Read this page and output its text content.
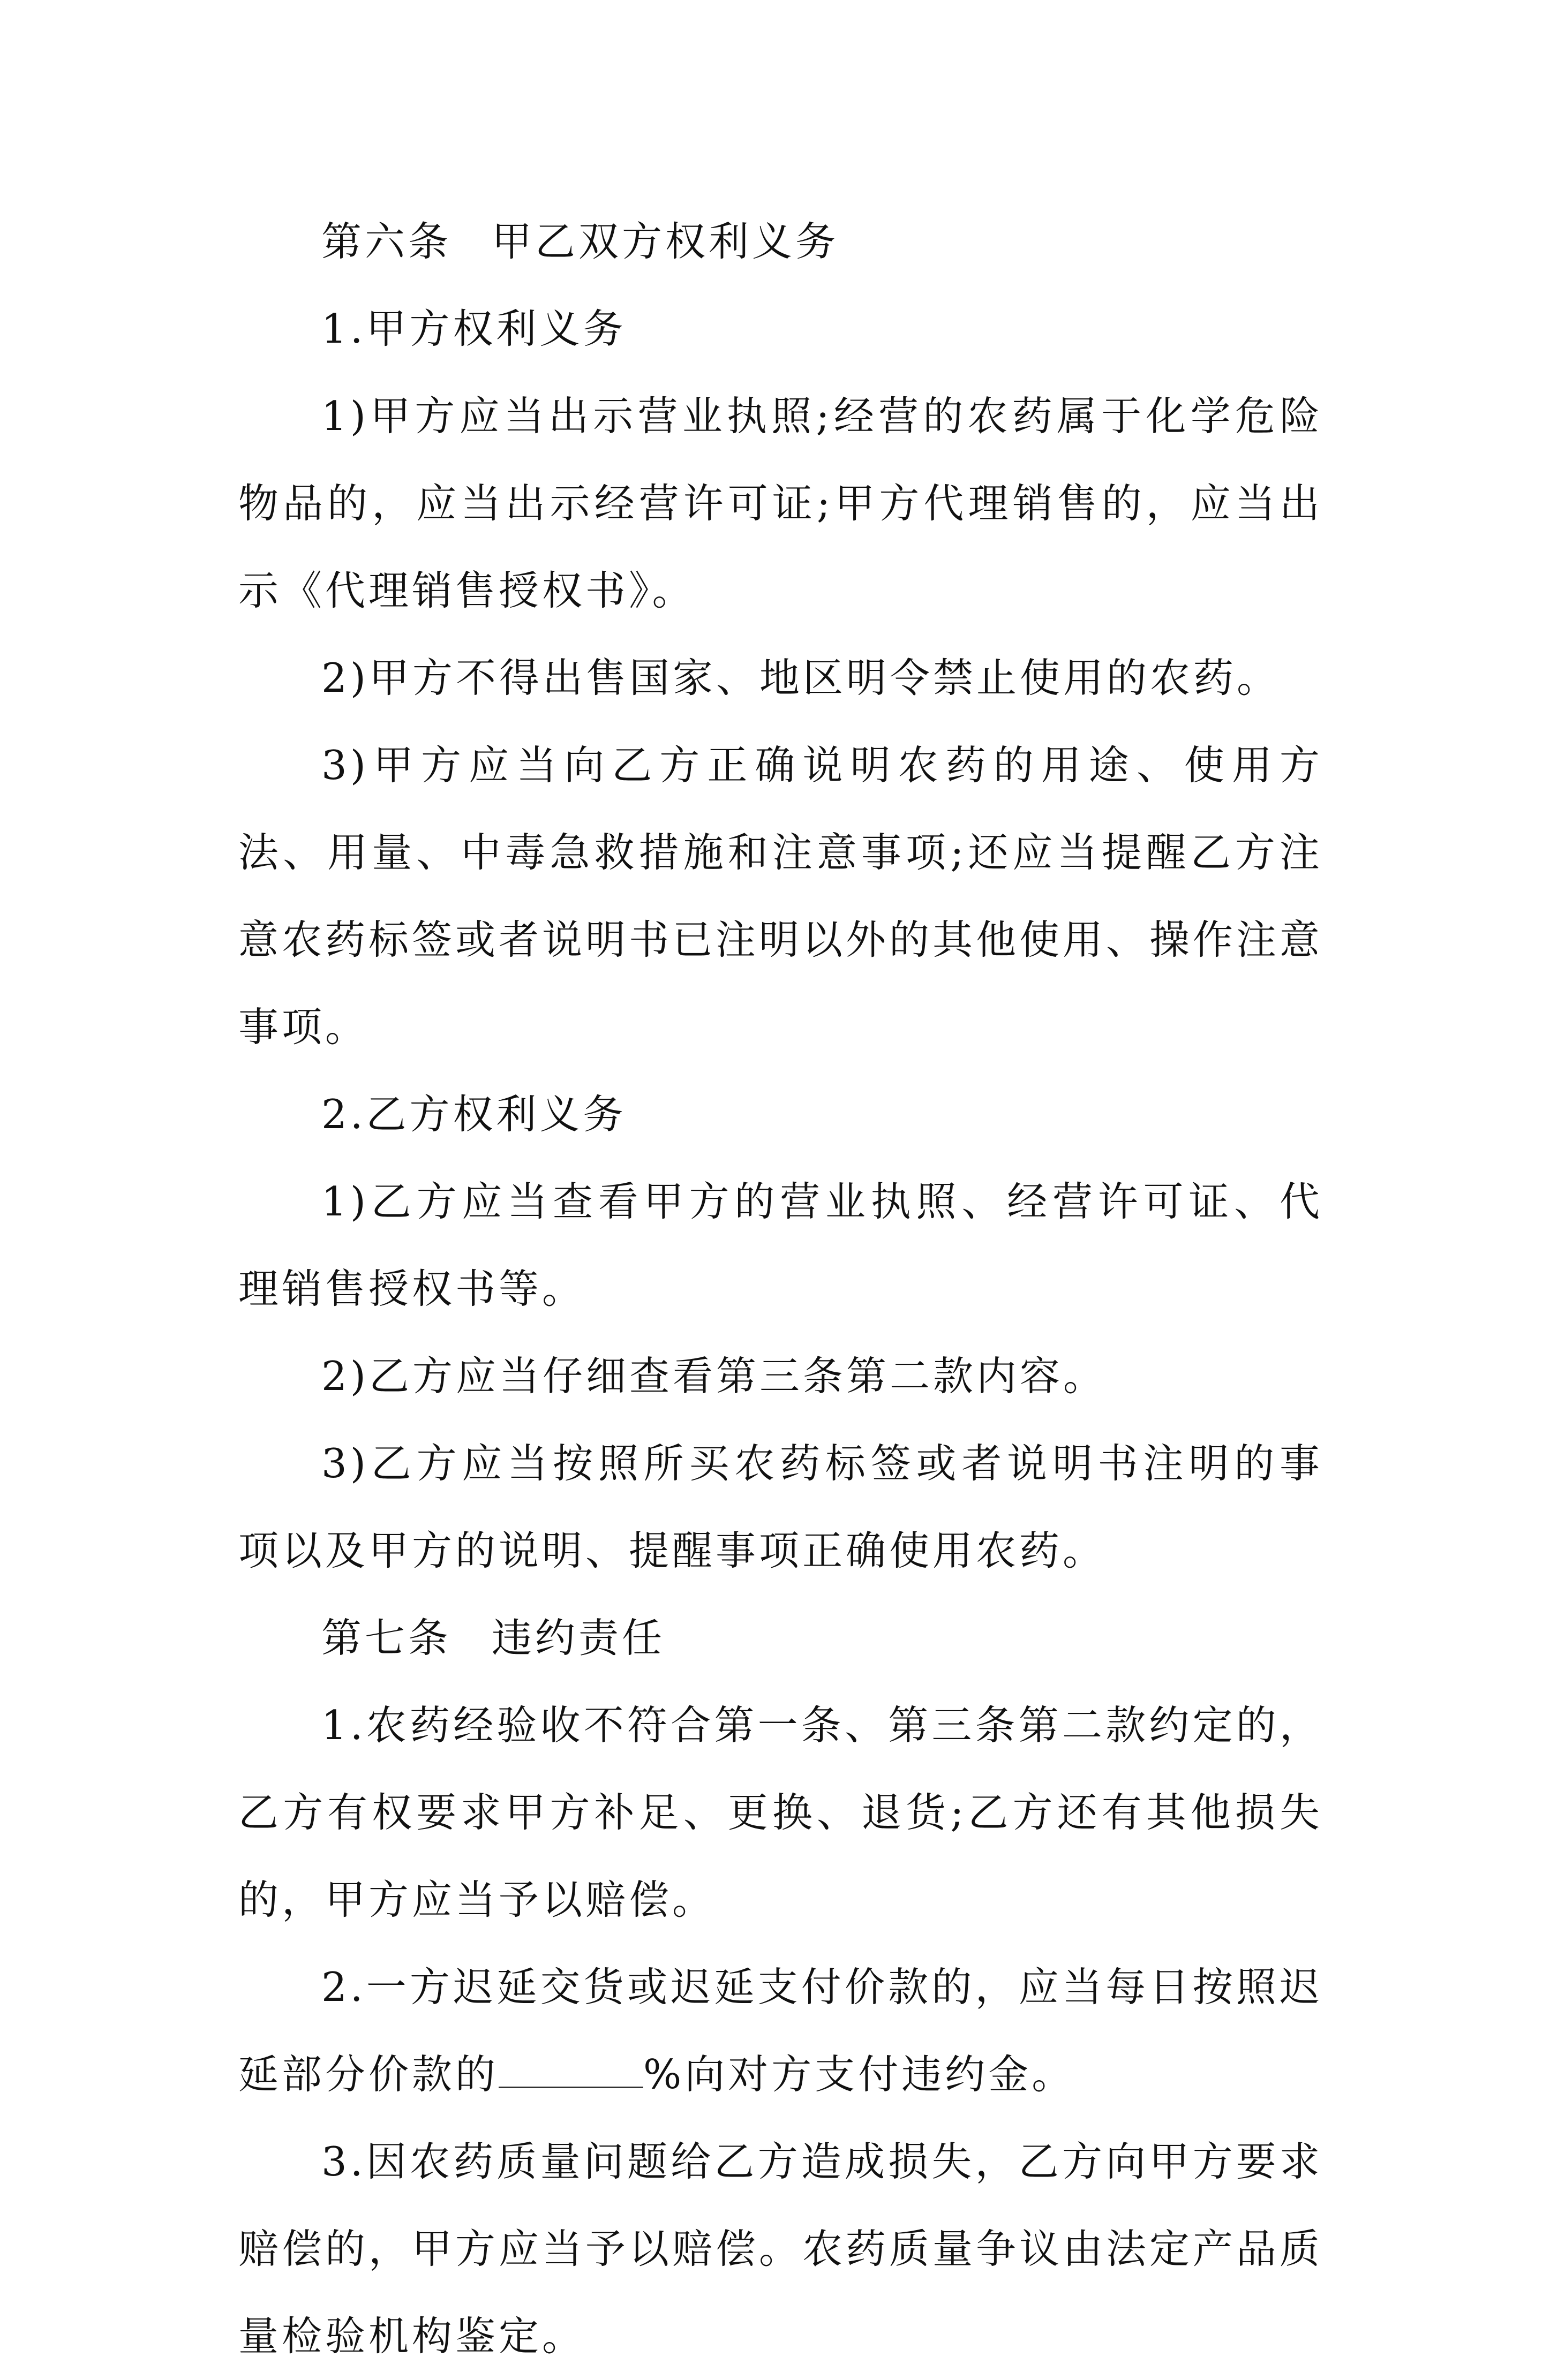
第六条 甲乙双方权利义务

1.甲方权利义务

1)甲方应当出示营业执照;经营的农药属于化学危险物品的，应当出示经营许可证;甲方代理销售的，应当出示《代理销售授权书》。

2)甲方不得出售国家、地区明令禁止使用的农药。

3)甲方应当向乙方正确说明农药的用途、使用方法、用量、中毒急救措施和注意事项;还应当提醒乙方注意农药标签或者说明书已注明以外的其他使用、操作注意事项。

2.乙方权利义务

1)乙方应当查看甲方的营业执照、经营许可证、代理销售授权书等。

2)乙方应当仔细查看第三条第二款内容。

3)乙方应当按照所买农药标签或者说明书注明的事项以及甲方的说明、提醒事项正确使用农药。

第七条 违约责任

1.农药经验收不符合第一条、第三条第二款约定的，乙方有权要求甲方补足、更换、退货;乙方还有其他损失的，甲方应当予以赔偿。

2.一方迟延交货或迟延支付价款的，应当每日按照迟延部分价款的	%向对方支付违约金。

3.因农药质量问题给乙方造成损失，乙方向甲方要求赔偿的，甲方应当予以赔偿。农药质量争议由法定产品质量检验机构鉴定。
